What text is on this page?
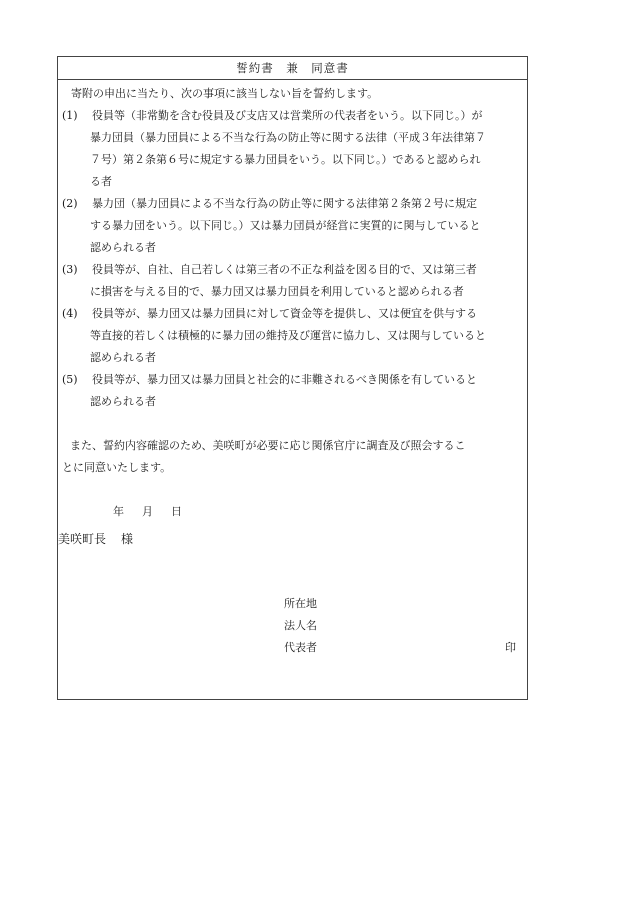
誓約書　兼　同意書
寄附の申出に当たり、次の事項に該当しない旨を誓約します。
(1)	役員等（非常勤を含む役員及び支店又は営業所の代表者をいう。以下同じ。）が
暴力団員（暴力団員による不当な行為の防止等に関する法律（平成３年法律第７
７号）第２条第６号に規定する暴力団員をいう。以下同じ。）であると認められ
る者
(2)	暴力団（暴力団員による不当な行為の防止等に関する法律第２条第２号に規定
する暴力団をいう。以下同じ。）又は暴力団員が経営に実質的に関与していると
認められる者
(3)	役員等が、自社、自己若しくは第三者の不正な利益を図る目的で、又は第三者
に損害を与える目的で、暴力団又は暴力団員を利用していると認められる者
(4)	役員等が、暴力団又は暴力団員に対して資金等を提供し、又は便宜を供与する
等直接的若しくは積極的に暴力団の維持及び運営に協力し、又は関与していると
認められる者
(5)	役員等が、暴力団又は暴力団員と社会的に非難されるべき関係を有していると
認められる者
また、誓約内容確認のため、美咲町が必要に応じ関係官庁に調査及び照会するこ
とに同意いたします。
年	月	日
美咲町長	様
所在地
法人名
代表者	印
